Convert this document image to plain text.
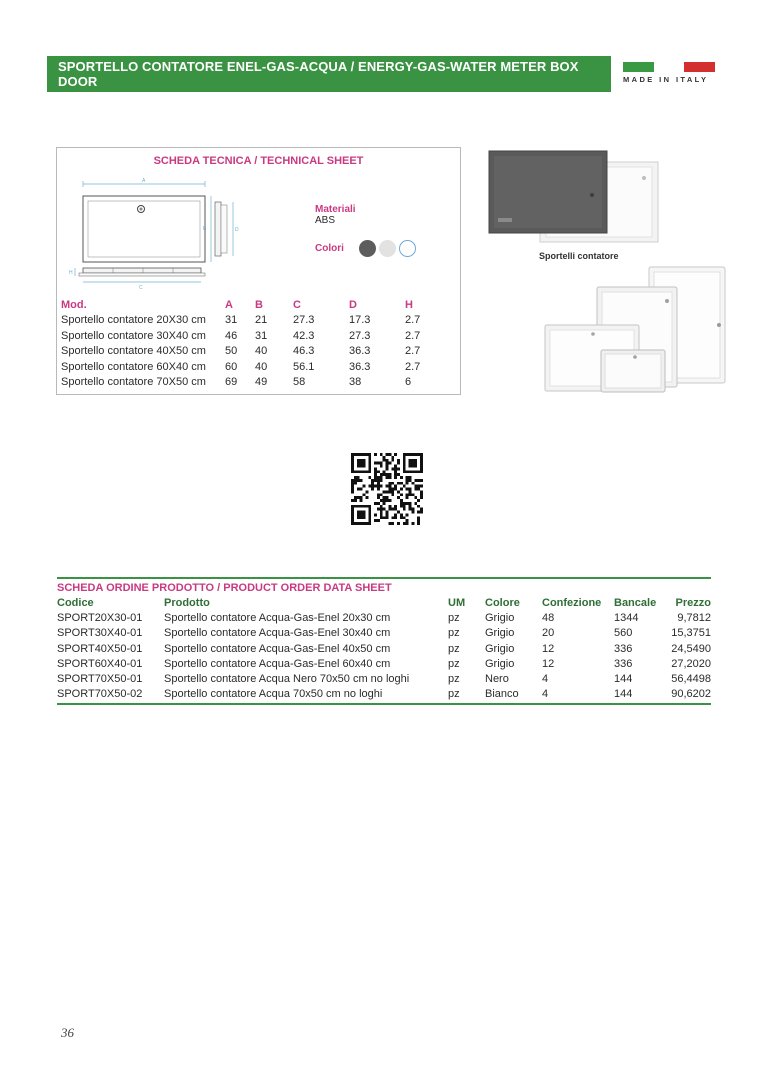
SPORTELLO CONTATORE ENEL-GAS-ACQUA / ENERGY-GAS-WATER METER BOX DOOR	MADE IN ITALY
SCHEDA TECNICA / TECHNICAL SHEET
A
B	D
H
C
Materiali
ABS
Colori
Mod.	A	B	C	D	H
Sportello contatore 20X30 cm	31	21	27.3	17.3	2.7
Sportello contatore 30X40 cm	46	31	42.3	27.3	2.7
Sportello contatore 40X50 cm	50	40	46.3	36.3	2.7
Sportello contatore 60X40 cm	60	40	56.1	36.3	2.7
Sportello contatore 70X50 cm	69	49	58	38	6
Sportelli contatore
SCHEDA ORDINE PRODOTTO / PRODUCT ORDER DATA SHEET
Codice	Prodotto	UM	Colore	Confezione	Bancale	Prezzo
SPORT20X30-01	Sportello contatore Acqua-Gas-Enel 20x30 cm	pz	Grigio	48	1344	9,7812
SPORT30X40-01	Sportello contatore Acqua-Gas-Enel 30x40 cm	pz	Grigio	20	560	15,3751
SPORT40X50-01	Sportello contatore Acqua-Gas-Enel 40x50 cm	pz	Grigio	12	336	24,5490
SPORT60X40-01	Sportello contatore Acqua-Gas-Enel 60x40 cm	pz	Grigio	12	336	27,2020
SPORT70X50-01	Sportello contatore Acqua Nero 70x50 cm no loghi	pz	Nero	4	144	56,4498
SPORT70X50-02	Sportello contatore Acqua 70x50 cm no loghi	pz	Bianco	4	144	90,6202
36
